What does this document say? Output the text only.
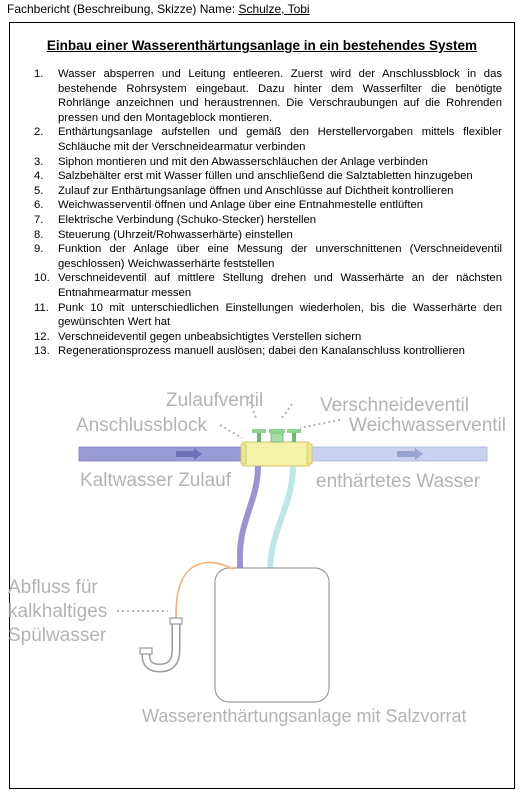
Fachbericht (Beschreibung, Skizze) Name: Schulze, Tobi
Einbau einer Wasserenthärtungsanlage in ein bestehendes System
1.	Wasser absperren und Leitung entleeren. Zuerst wird der Anschlussblock in das bestehende Rohrsystem eingebaut. Dazu hinter dem Wasserfilter die benötigte Rohrlänge anzeichnen und heraustrennen. Die Verschraubungen auf die Rohrenden pressen und den Montageblock montieren.
2.	Enthärtungsanlage aufstellen und gemäß den Herstellervorgaben mittels flexibler Schläuche mit der Verschneidearmatur verbinden
3.	Siphon montieren und mit den Abwasserschläuchen der Anlage verbinden
4.	Salzbehälter erst mit Wasser füllen und anschließend die Salztabletten hinzugeben
5.	Zulauf zur Enthärtungsanlage öffnen und Anschlüsse auf Dichtheit kontrollieren
6.	Weichwasserventil öffnen und Anlage über eine Entnahmestelle entlüften
7.	Elektrische Verbindung (Schuko-Stecker) herstellen
8.	Steuerung (Uhrzeit/Rohwasserhärte) einstellen
9.	Funktion der Anlage über eine Messung der unverschnittenen (Verschneideventil geschlossen) Weichwasserhärte feststellen
10. Verschneideventil auf mittlere Stellung drehen und Wasserhärte an der nächsten Entnahmearmatur messen
11. Punk 10 mit unterschiedlichen Einstellungen wiederholen, bis die Wasserhärte den gewünschten Wert hat
12. Verschneideventil gegen unbeabsichtigtes Verstellen sichern
13. Regenerationsprozess manuell auslösen; dabei den Kanalanschluss kontrollieren
Zulaufventil	Verschneideventil
Anschlussblock	Weichwasserventil
Kaltwasser Zulauf	enthärtetes Wasser
Abfluss für
kalkhaltiges
Spülwasser
Wasserenthärtungsanlage mit Salzvorrat
